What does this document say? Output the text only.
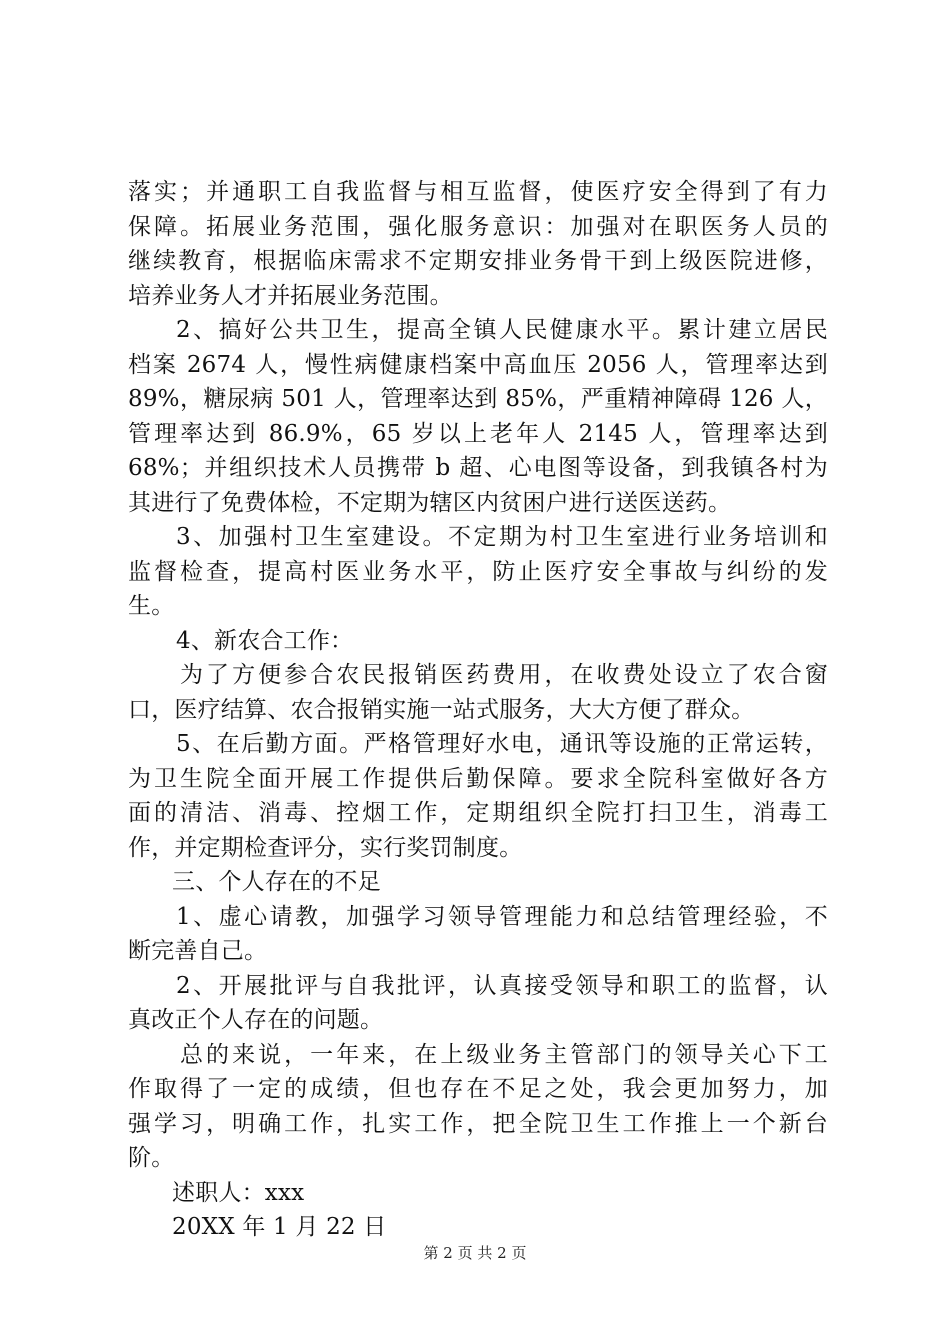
落实；并通职工自我监督与相互监督，使医疗安全得到了有力
保障。拓展业务范围，强化服务意识：加强对在职医务人员的
继续教育，根据临床需求不定期安排业务骨干到上级医院进修，
培养业务人才并拓展业务范围。
2、搞好公共卫生，提高全镇人民健康水平。累计建立居民
档案 2674 人，慢性病健康档案中高血压 2056 人，管理率达到
89%，糖尿病 501 人，管理率达到 85%，严重精神障碍 126 人，
管理率达到 86.9%，65 岁以上老年人 2145 人，管理率达到
68%；并组织技术人员携带 b 超、心电图等设备，到我镇各村为
其进行了免费体检，不定期为辖区内贫困户进行送医送药。
3、加强村卫生室建设。不定期为村卫生室进行业务培训和
监督检查，提高村医业务水平，防止医疗安全事故与纠纷的发
生。
4、新农合工作：
为了方便参合农民报销医药费用，在收费处设立了农合窗
口，医疗结算、农合报销实施一站式服务，大大方便了群众。
5、在后勤方面。严格管理好水电，通讯等设施的正常运转，
为卫生院全面开展工作提供后勤保障。要求全院科室做好各方
面的清洁、消毒、控烟工作，定期组织全院打扫卫生，消毒工
作，并定期检查评分，实行奖罚制度。
三、个人存在的不足
1、虚心请教，加强学习领导管理能力和总结管理经验，不
断完善自己。
2、开展批评与自我批评，认真接受领导和职工的监督，认
真改正个人存在的问题。
总的来说，一年来，在上级业务主管部门的领导关心下工
作取得了一定的成绩，但也存在不足之处，我会更加努力，加
强学习，明确工作，扎实工作，把全院卫生工作推上一个新台
阶。
述职人：xxx
20XX 年 1 月 22 日
第 2 页 共 2 页
